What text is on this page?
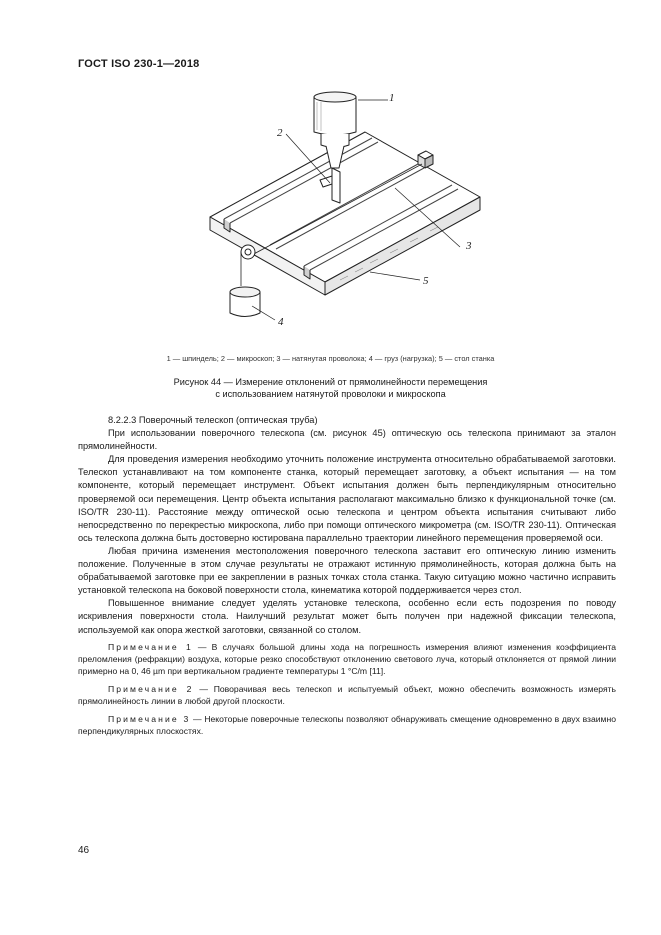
ГОСТ ISO 230-1—2018
1
2
3
4
5
1 — шпиндель; 2 — микроскоп; 3 — натянутая проволока; 4 — груз (нагрузка); 5 — стол станка
Рисунок 44 — Измерение отклонений от прямолинейности перемещения
с использованием натянутой проволоки и микроскопа

8.2.2.3 Поверочный телескоп (оптическая труба)

При использовании поверочного телескопа (см. рисунок 45) оптическую ось телескопа принимают за эталон прямолинейности.

Для проведения измерения необходимо уточнить положение инструмента относительно обрабатываемой заготовки. Телескоп устанавливают на том компоненте станка, который перемещает заготовку, а объект испытания — на том компоненте, который перемещает инструмент. Объект испытания должен быть перпендикулярным относительно проверяемой оси перемещения. Центр объекта испытания располагают максимально близко к функциональной точке (см. ISO/TR 230-11). Расстояние между оптической осью телескопа и центром объекта испытания считывают либо непосредственно по перекрестью микроскопа, либо при помощи оптического микрометра (см. ISO/TR 230-11). Оптическая ось телескопа должна быть достоверно юстирована параллельно траектории линейного перемещения проверяемой оси.

Любая причина изменения местоположения поверочного телескопа заставит его оптическую линию изменить положение. Полученные в этом случае результаты не отражают истинную прямолинейность, которая должна быть на обрабатываемой заготовке при ее закреплении в разных точках стола станка. Такую ситуацию можно частично исправить установкой телескопа на боковой поверхности стола, кинематика которой поддерживается через стол.

Повышенное внимание следует уделять установке телескопа, особенно если есть подозрения по поводу искривления поверхности стола. Наилучший результат может быть получен при надежной фиксации телескопа, используемой как опора жесткой заготовки, связанной со столом.

Примечание 1 — В случаях большой длины хода на погрешность измерения влияют изменения коэффициента преломления (рефракции) воздуха, которые резко способствуют отклонению светового луча, который отклоняется от прямой линии примерно на 0, 46 µm при вертикальном градиенте температуры 1 °C/m [11].

Примечание 2 — Поворачивая весь телескоп и испытуемый объект, можно обеспечить возможность измерять прямолинейность линии в любой другой плоскости.

Примечание 3 — Некоторые поверочные телескопы позволяют обнаруживать смещение одновременно в двух взаимно перпендикулярных плоскостях.

46
